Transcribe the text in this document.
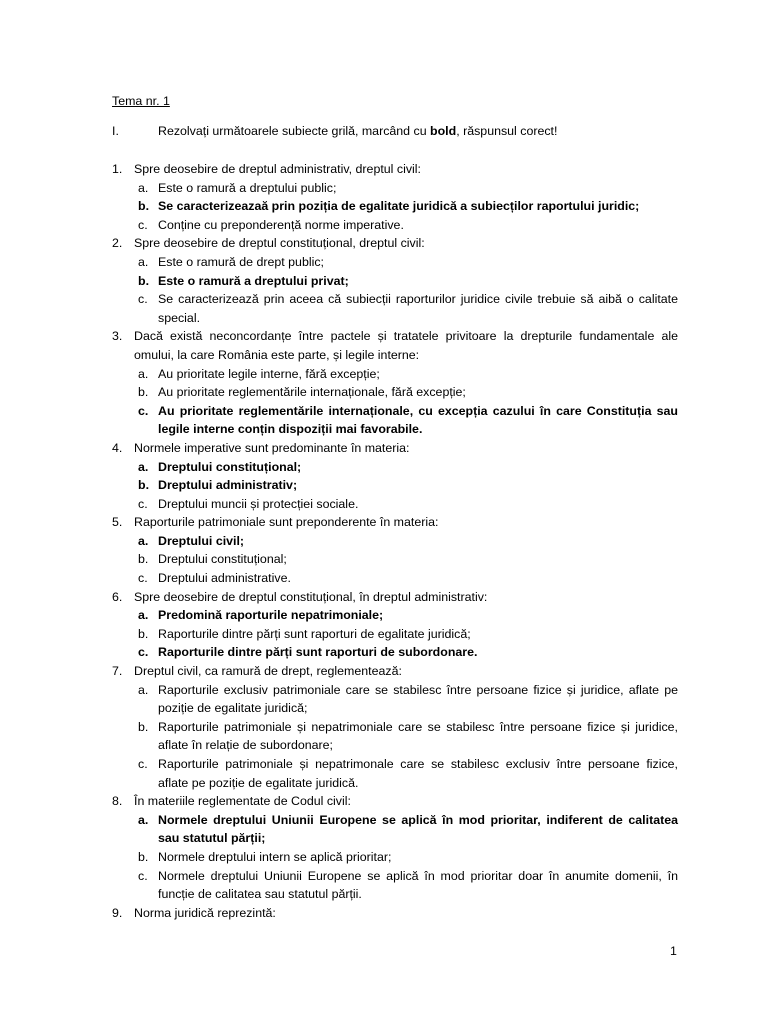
Tema nr. 1
I.	Rezolvați următoarele subiecte grilă, marcând cu bold, răspunsul corect!
1. Spre deosebire de dreptul administrativ, dreptul civil:
a. Este o ramură a dreptului public;
b. Se caracterizeazaă prin poziția de egalitate juridică a subiecților raportului juridic;
c. Conține cu preponderență norme imperative.
2. Spre deosebire de dreptul constituțional, dreptul civil:
a. Este o ramură de drept public;
b. Este o ramură a dreptului privat;
c. Se caracterizează prin aceea că subiecții raporturilor juridice civile trebuie să aibă o calitate special.
3. Dacă există neconcordanțe între pactele și tratatele privitoare la drepturile fundamentale ale omului, la care România este parte, și legile interne:
a. Au prioritate legile interne, fără excepție;
b. Au prioritate reglementările internaționale, fără excepție;
c. Au prioritate reglementările internaționale, cu excepția cazului în care Constituția sau legile interne conțin dispoziții mai favorabile.
4. Normele imperative sunt predominante în materia:
a. Dreptului constituțional;
b. Dreptului administrativ;
c. Dreptului muncii și protecției sociale.
5. Raporturile patrimoniale sunt preponderente în materia:
a. Dreptului civil;
b. Dreptului constituțional;
c. Dreptului administrative.
6. Spre deosebire de dreptul constituțional, în dreptul administrativ:
a. Predomină raporturile nepatrimoniale;
b. Raporturile dintre părți sunt raporturi de egalitate juridică;
c. Raporturile dintre părți sunt raporturi de subordonare.
7. Dreptul civil, ca ramură de drept, reglementează:
a. Raporturile exclusiv patrimoniale care se stabilesc între persoane fizice și juridice, aflate pe poziție de egalitate juridică;
b. Raporturile patrimoniale și nepatrimoniale care se stabilesc între persoane fizice și juridice, aflate în relație de subordonare;
c. Raporturile patrimoniale și nepatrimonale care se stabilesc exclusiv între persoane fizice, aflate pe poziție de egalitate juridică.
8. În materiile reglementate de Codul civil:
a. Normele dreptului Uniunii Europene se aplică în mod prioritar, indiferent de calitatea sau statutul părții;
b. Normele dreptului intern se aplică prioritar;
c. Normele dreptului Uniunii Europene se aplică în mod prioritar doar în anumite domenii, în funcție de calitatea sau statutul părții.
9. Norma juridică reprezintă:
1
